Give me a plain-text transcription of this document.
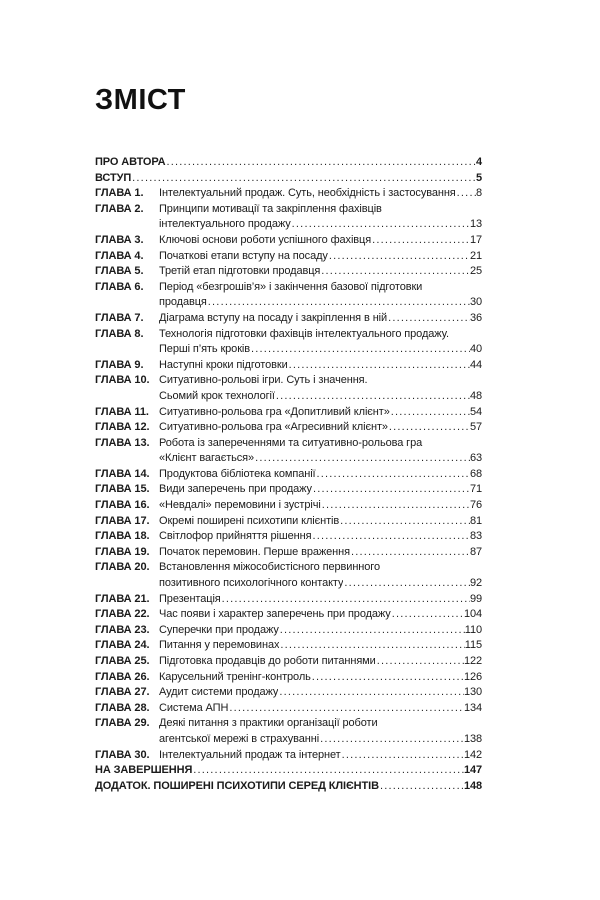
ЗМІСТ
ПРО АВТОРА .....	4
ВСТУП .....	5
ГЛАВА 1.	Інтелектуальний продаж. Суть, необхідність і застосування ..... 8
ГЛАВА 2.	Принципи мотивації та закріплення фахівців
інтелектуального продажу .....	13
ГЛАВА 3.	Ключові основи роботи успішного фахівця .....	17
ГЛАВА 4.	Початкові етапи вступу на посаду .....	21
ГЛАВА 5.	Третій етап підготовки продавця .....	25
ГЛАВА 6.	Період «безгрошів’я» і закінчення базової підготовки
продавця .....	30
ГЛАВА 7.	Діаграма вступу на посаду і закріплення в ній .....	36
ГЛАВА 8.	Технологія підготовки фахівців інтелектуального продажу.
Перші п’ять кроків .....	40
ГЛАВА 9.	Наступні кроки підготовки .....	44
ГЛАВА 10. Ситуативно-рольові ігри. Суть і значення.
Сьомий крок технології .....	48
ГЛАВА 11. Ситуативно-рольова гра «Допитливий клієнт» .....	54
ГЛАВА 12. Ситуативно-рольова гра «Агресивний клієнт» .....	57
ГЛАВА 13. Робота із запереченнями та ситуативно-рольова гра
«Клієнт вагається» .....	63
ГЛАВА 14. Продуктова бібліотека компанії .....	68
ГЛАВА 15. Види заперечень при продажу .....	71
ГЛАВА 16. «Невдалі» перемовини і зустрічі .....	76
ГЛАВА 17. Окремі поширені психотипи клієнтів .....	81
ГЛАВА 18. Світлофор прийняття рішення .....	83
ГЛАВА 19. Початок перемовин. Перше враження .....	87
ГЛАВА 20. Встановлення міжособистісного первинного
позитивного психологічного контакту .....	92
ГЛАВА 21. Презентація .....	99
ГЛАВА 22. Час появи і характер заперечень при продажу .....	104
ГЛАВА 23. Суперечки при продажу .....	110
ГЛАВА 24. Питання у перемовинах .....	115
ГЛАВА 25. Підготовка продавців до роботи питаннями .....	122
ГЛАВА 26. Карусельний тренінг-контроль .....	126
ГЛАВА 27. Аудит системи продажу .....	130
ГЛАВА 28. Система АПН .....	134
ГЛАВА 29. Деякі питання з практики організації роботи
агентської мережі в страхуванні .....	138
ГЛАВА 30. Інтелектуальний продаж та інтернет .....	142
НА ЗАВЕРШЕННЯ .....	147
ДОДАТОК. ПОШИРЕНІ ПСИХОТИПИ СЕРЕД КЛІЄНТІВ .....	148
